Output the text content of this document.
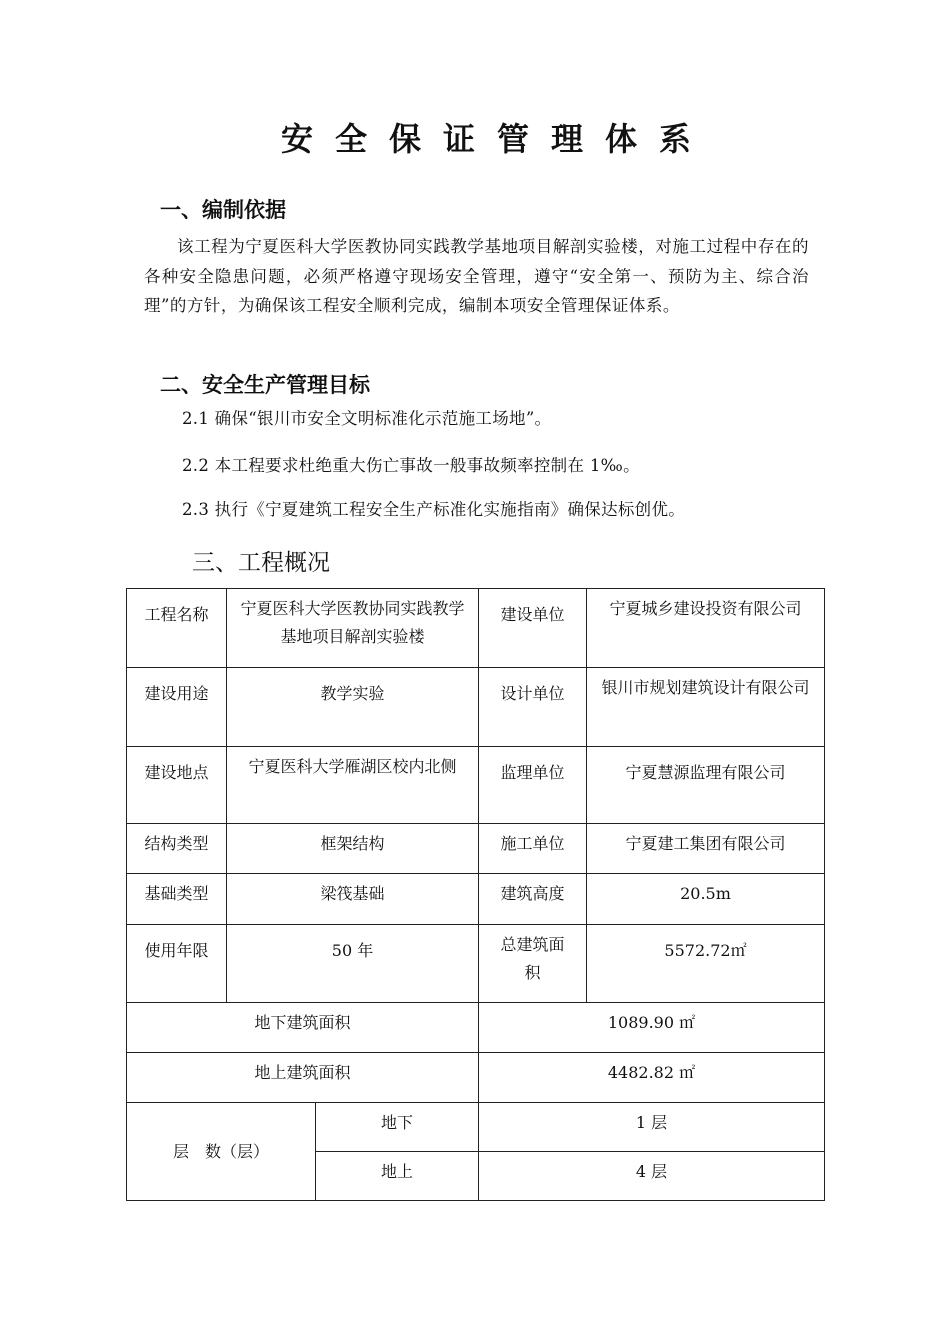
安全保证管理体系
一、编制依据
该工程为宁夏医科大学医教协同实践教学基地项目解剖实验楼，对施工过程中存在的各种安全隐患问题，必须严格遵守现场安全管理，遵守“安全第一、预防为主、综合治理”的方针，为确保该工程安全顺利完成，编制本项安全管理保证体系。
二、安全生产管理目标
2.1 确保“银川市安全文明标准化示范施工场地”。
2.2 本工程要求杜绝重大伤亡事故一般事故频率控制在 1‰。
2.3 执行《宁夏建筑工程安全生产标准化实施指南》确保达标创优。
三、工程概况
工程名称	宁夏医科大学医教协同实践教学基地项目解剖实验楼		建设单位	宁夏城乡建设投资有限公司
建设用途	教学实验		设计单位	银川市规划建筑设计有限公司
建设地点	宁夏医科大学雁湖区校内北侧		监理单位	宁夏慧源监理有限公司
结构类型	框架结构		施工单位	宁夏建工集团有限公司
基础类型	梁筏基础		建筑高度	20.5m
使用年限	50 年		总建筑面积	5572.72㎡
地下建筑面积			1089.90 ㎡	
地上建筑面积			4482.82 ㎡	
层　数（层）		地下	1 层	
		地上	4 层	
